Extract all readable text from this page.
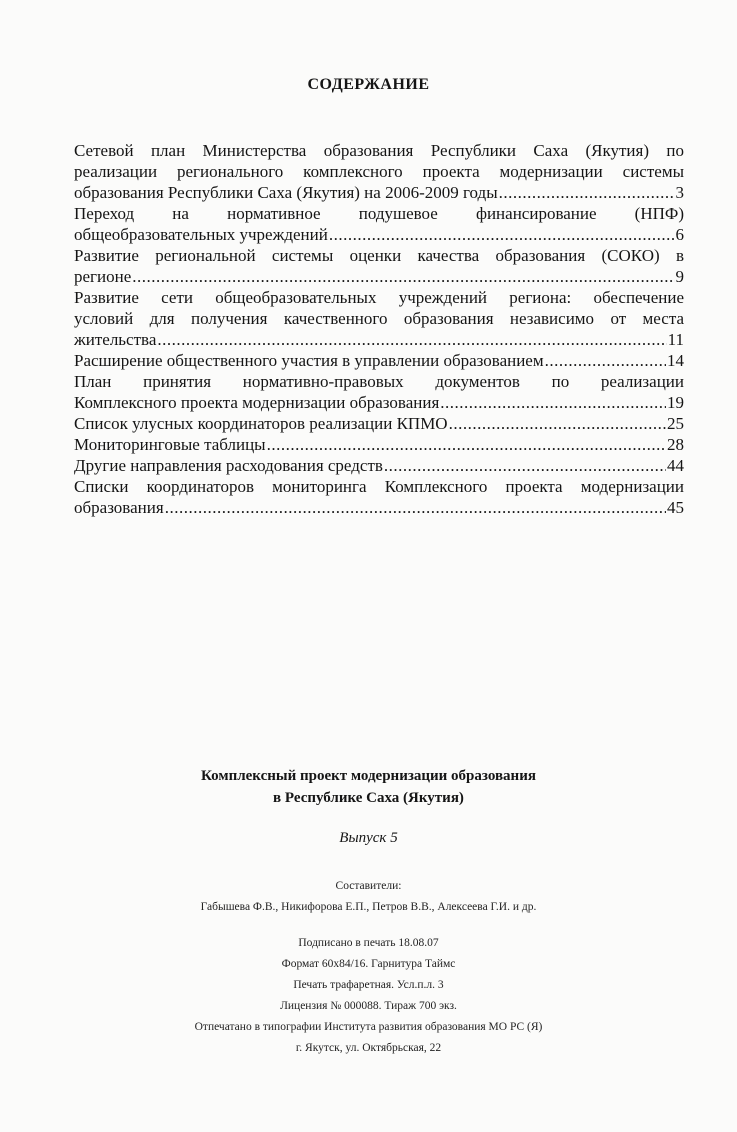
СОДЕРЖАНИЕ
Сетевой план Министерства образования Республики Саха (Якутия) по
реализации регионального комплексного проекта модернизации системы
образования Республики Саха (Якутия) на 2006-2009 годы .....	3
Переход на нормативное подушевое финансирование (НПФ)
общеобразовательных учреждений .....	6
Развитие региональной системы оценки качества образования (СОКО) в
регионе .....	9
Развитие сети общеобразовательных учреждений региона: обеспечение
условий для получения качественного образования независимо от места
жительства .....	11
Расширение общественного участия в управлении образованием .....	14
План принятия нормативно-правовых документов по реализации
Комплексного проекта модернизации образования .....	19
Список улусных координаторов реализации КПМО .....	25
Мониторинговые таблицы .....	28
Другие направления расходования средств .....	44
Списки координаторов мониторинга Комплексного проекта модернизации
образования .....	45
Комплексный проект модернизации образования
в Республике Саха (Якутия)
Выпуск 5
Составители:
Габышева Ф.В., Никифорова Е.П., Петров В.В., Алексеева Г.И. и др.
Подписано в печать 18.08.07
Формат 60х84/16. Гарнитура Таймс
Печать трафаретная. Усл.п.л. 3
Лицензия № 000088. Тираж 700 экз.
Отпечатано в типографии Института развития образования МО РС (Я)
г. Якутск, ул. Октябрьская, 22
